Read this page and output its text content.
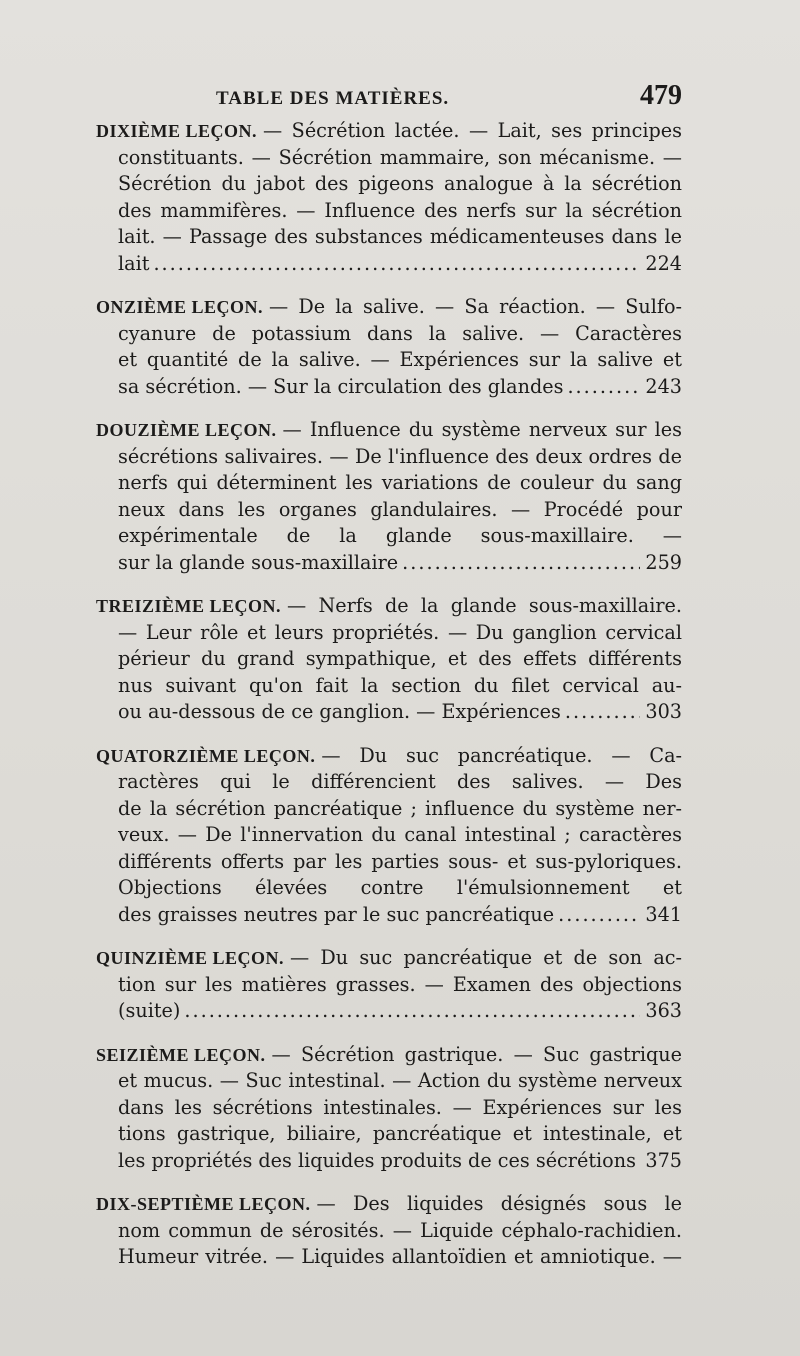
TABLE DES MATIÈRES.	479
DIXIÈME LEÇON. — Sécrétion lactée. — Lait, ses principes
constituants. — Sécrétion mammaire, son mécanisme. —
Sécrétion du jabot des pigeons analogue à la sécrétion
des mammifères. — Influence des nerfs sur la sécrétion
lait. — Passage des substances médicamenteuses dans le
lait .....	224
ONZIÈME LEÇON. — De la salive. — Sa réaction. — Sulfo-
cyanure de potassium dans la salive. — Caractères
et quantité de la salive. — Expériences sur la salive et
sa sécrétion. — Sur la circulation des glandes .....	243
DOUZIÈME LEÇON. — Influence du système nerveux sur les
sécrétions salivaires. — De l'influence des deux ordres de
nerfs qui déterminent les variations de couleur du sang
neux dans les organes glandulaires. — Procédé pour
expérimentale de la glande sous-maxillaire. —
sur la glande sous-maxillaire .....	259
TREIZIÈME LEÇON. — Nerfs de la glande sous-maxillaire.
— Leur rôle et leurs propriétés. — Du ganglion cervical
périeur du grand sympathique, et des effets différents
nus suivant qu'on fait la section du filet cervical au-
ou au-dessous de ce ganglion. — Expériences .....	303
QUATORZIÈME LEÇON. — Du suc pancréatique. — Ca-
ractères qui le différencient des salives. — Des
de la sécrétion pancréatique ; influence du système ner-
veux. — De l'innervation du canal intestinal ; caractères
différents offerts par les parties sous- et sus-pyloriques.
Objections élevées contre l'émulsionnement et
des graisses neutres par le suc pancréatique .....	341
QUINZIÈME LEÇON. — Du suc pancréatique et de son ac-
tion sur les matières grasses. — Examen des objections
(suite) .....	363
SEIZIÈME LEÇON. — Sécrétion gastrique. — Suc gastrique
et mucus. — Suc intestinal. — Action du système nerveux
dans les sécrétions intestinales. — Expériences sur les
tions gastrique, biliaire, pancréatique et intestinale, et
les propriétés des liquides produits de ces sécrétions ..... 375
DIX-SEPTIÈME LEÇON. — Des liquides désignés sous le
nom commun de sérosités. — Liquide céphalo-rachidien.
Humeur vitrée. — Liquides allantoïdien et amniotique. —
